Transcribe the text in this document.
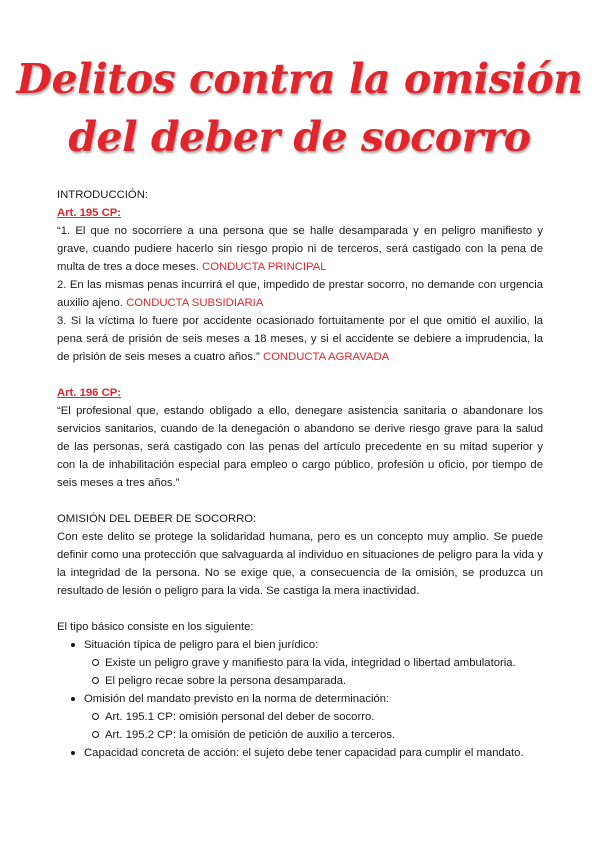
Delitos contra la omisión
del deber de socorro

INTRODUCCIÓN:

Art. 195 CP:

“1. El que no socorriere a una persona que se halle desamparada y en peligro manifiesto y grave, cuando pudiere hacerlo sin riesgo propio ni de terceros, será castigado con la pena de multa de tres a doce meses. CONDUCTA PRINCIPAL

2. En las mismas penas incurrirá el que, impedido de prestar socorro, no demande con urgencia auxilio ajeno. CONDUCTA SUBSIDIARIA

3. Si la víctima lo fuere por accidente ocasionado fortuitamente por el que omitió el auxilio, la pena será de prisión de seis meses a 18 meses, y si el accidente se debiere a imprudencia, la de prisión de seis meses a cuatro años.” CONDUCTA AGRAVADA

Art. 196 CP:

“El profesional que, estando obligado a ello, denegare asistencia sanitaria o abandonare los servicios sanitarios, cuando de la denegación o abandono se derive riesgo grave para la salud de las personas, será castigado con las penas del artículo precedente en su mitad superior y con la de inhabilitación especial para empleo o cargo público, profesión u oficio, por tiempo de seis meses a tres años.”

OMISIÓN DEL DEBER DE SOCORRO:

Con este delito se protege la solidaridad humana, pero es un concepto muy amplio. Se puede definir como una protección que salvaguarda al individuo en situaciones de peligro para la vida y la integridad de la persona. No se exige que, a consecuencia de la omisión, se produzca un resultado de lesión o peligro para la vida. Se castiga la mera inactividad.

El tipo básico consiste en los siguiente:

Situación típica de peligro para el bien jurídico:
Existe un peligro grave y manifiesto para la vida, integridad o libertad ambulatoria.
El peligro recae sobre la persona desamparada.
Omisión del mandato previsto en la norma de determinación:
Art. 195.1 CP: omisión personal del deber de socorro.
Art. 195.2 CP: la omisión de petición de auxilio a terceros.
Capacidad concreta de acción: el sujeto debe tener capacidad para cumplir el mandato.
